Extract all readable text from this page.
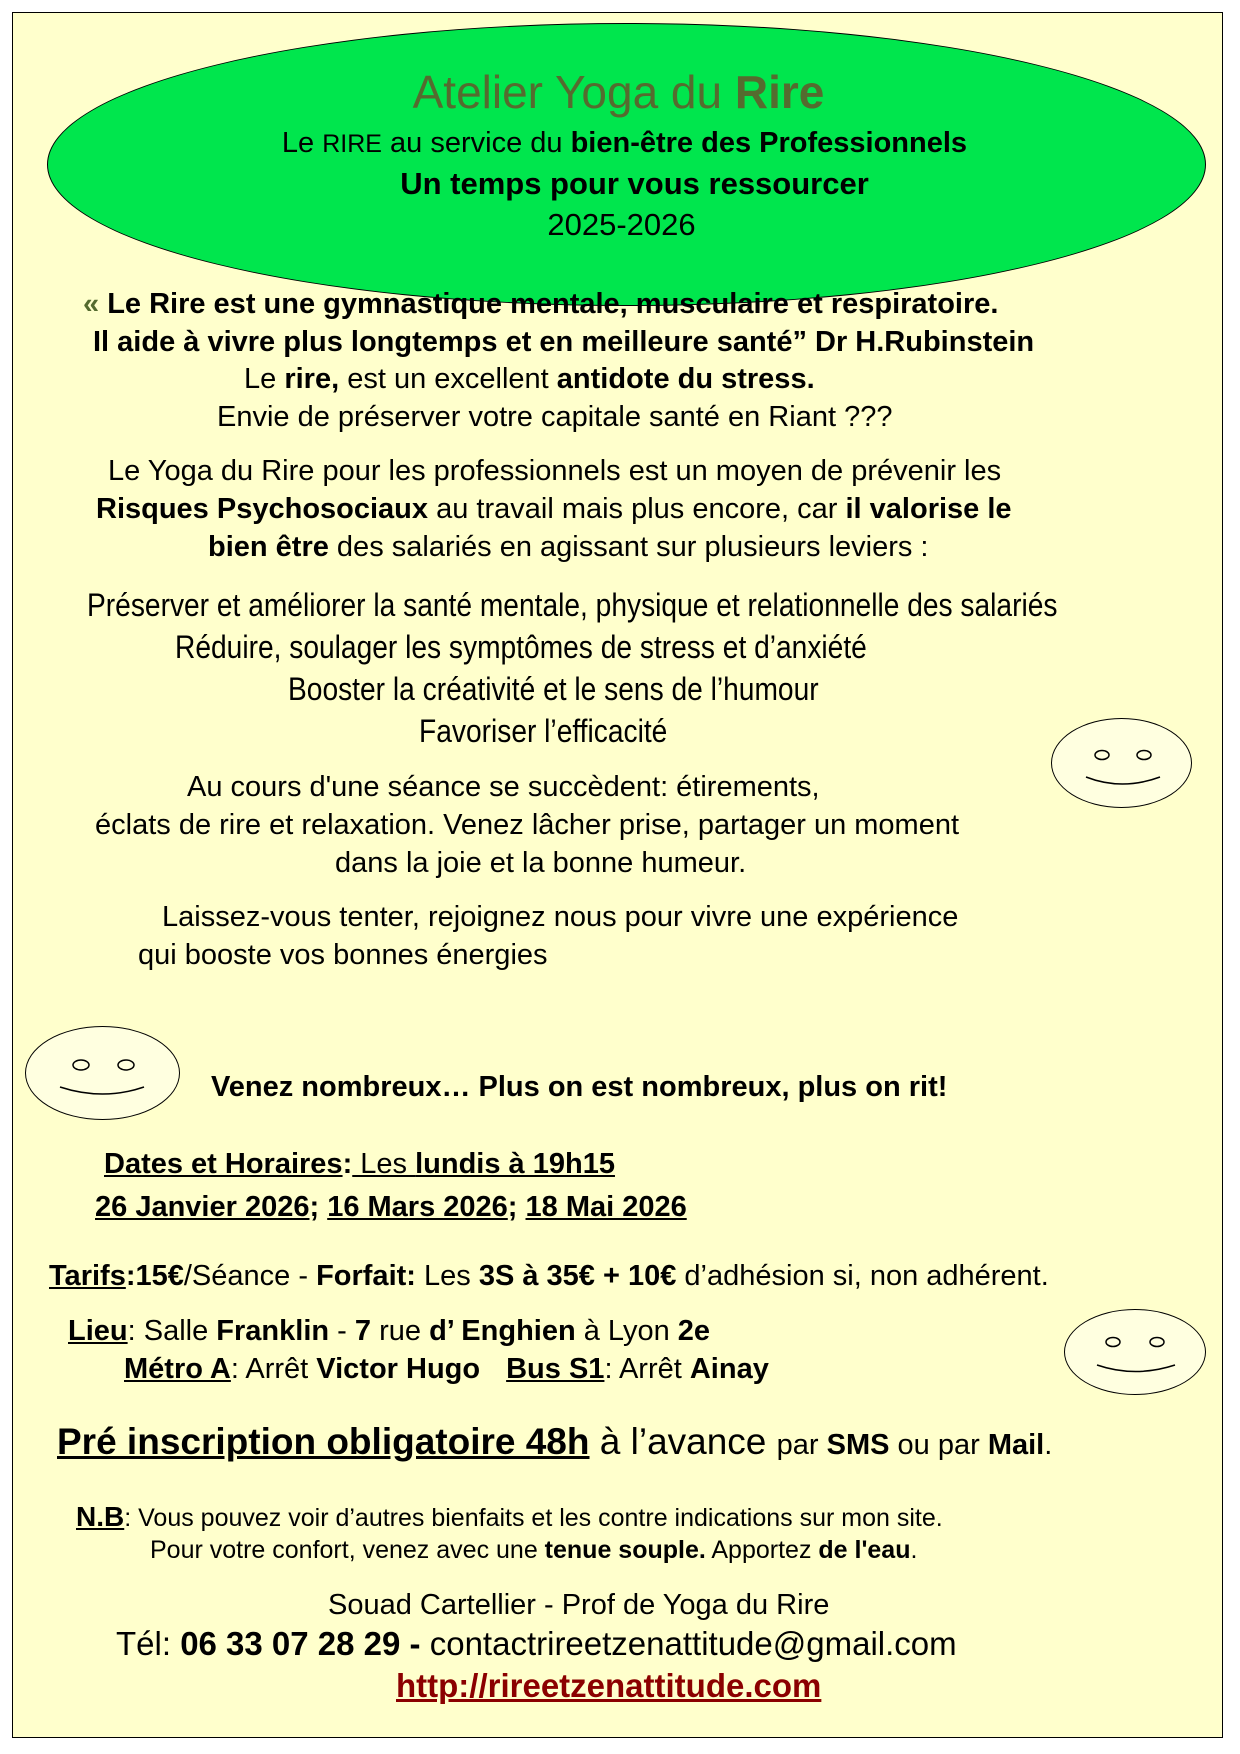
Atelier Yoga du Rire
Le RIRE au service du bien-être des Professionnels
Un temps pour vous ressourcer
2025-2026
« Le Rire est une gymnastique mentale, musculaire et respiratoire.
Il aide à vivre plus longtemps et en meilleure santé” Dr H.Rubinstein
Le rire, est un excellent antidote du stress.
Envie de préserver votre capitale santé en Riant ???
Le Yoga du Rire pour les professionnels est un moyen de prévenir les
Risques Psychosociaux au travail mais plus encore, car il valorise le
bien être des salariés en agissant sur plusieurs leviers :
Préserver et améliorer la santé mentale, physique et relationnelle des salariés
Réduire, soulager les symptômes de stress et d’anxiété
Booster la créativité et le sens de l’humour
Favoriser l’efficacité
Au cours d'une séance se succèdent: étirements,
éclats de rire et relaxation. Venez lâcher prise, partager un moment
dans la joie et la bonne humeur.
Laissez-vous tenter, rejoignez nous pour vivre une expérience
qui booste vos bonnes énergies
Venez nombreux… Plus on est nombreux, plus on rit!
Dates et Horaires: Les lundis à 19h15
26 Janvier 2026; 16 Mars 2026; 18 Mai 2026
Tarifs:15€/Séance - Forfait: Les 3S à 35€ + 10€ d’adhésion si, non adhérent.
Lieu: Salle Franklin - 7 rue d’ Enghien à Lyon 2e
Métro A: Arrêt Victor Hugo Bus S1: Arrêt Ainay
Pré inscription obligatoire 48h à l’avance par SMS ou par Mail.
N.B: Vous pouvez voir d’autres bienfaits et les contre indications sur mon site.
Pour votre confort, venez avec une tenue souple. Apportez de l'eau.
Souad Cartellier - Prof de Yoga du Rire
Tél: 06 33 07 28 29 - contactrireetzenattitude@gmail.com
http://rireetzenattitude.com
